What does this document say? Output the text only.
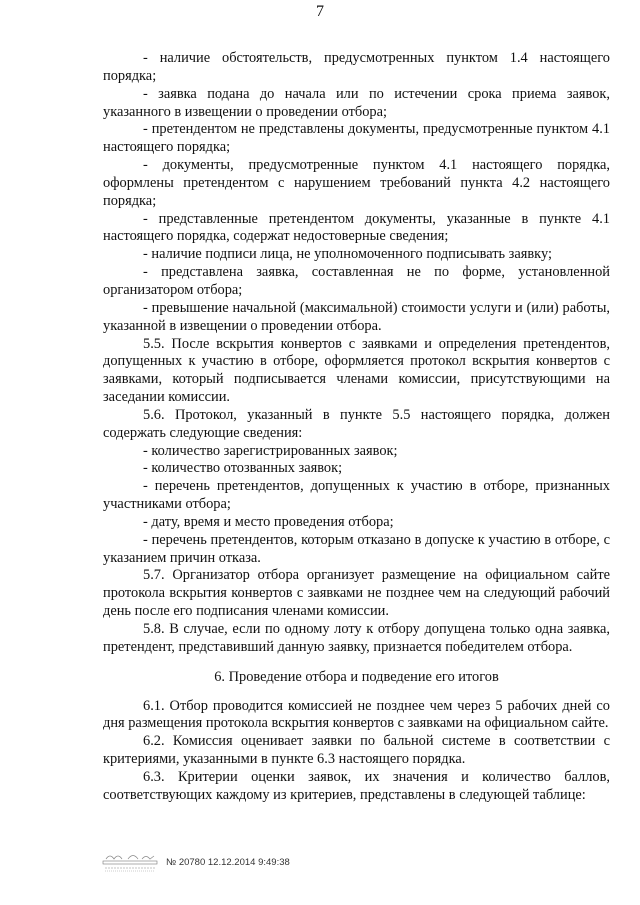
7

- наличие обстоятельств, предусмотренных пунктом 1.4 настоящего порядка;

- заявка подана до начала или по истечении срока приема заявок, указанного в извещении о проведении отбора;

- претендентом не представлены документы, предусмотренные пунктом 4.1 настоящего порядка;

- документы, предусмотренные пунктом 4.1 настоящего порядка, оформлены претендентом с нарушением требований пункта 4.2 настоящего порядка;

- представленные претендентом документы, указанные в пункте 4.1 настоящего порядка, содержат недостоверные сведения;

- наличие подписи лица, не уполномоченного подписывать заявку;

- представлена заявка, составленная не по форме, установленной организатором отбора;

- превышение начальной (максимальной) стоимости услуги и (или) работы, указанной в извещении о проведении отбора.

5.5. После вскрытия конвертов с заявками и определения претендентов, допущенных к участию в отборе, оформляется протокол вскрытия конвертов с заявками, который подписывается членами комиссии, присутствующими на заседании комиссии.

5.6. Протокол, указанный в пункте 5.5 настоящего порядка, должен содержать следующие сведения:

- количество зарегистрированных заявок;

- количество отозванных заявок;

- перечень претендентов, допущенных к участию в отборе, признанных участниками отбора;

- дату, время и место проведения отбора;

- перечень претендентов, которым отказано в допуске к участию в отборе, с указанием причин отказа.

5.7. Организатор отбора организует размещение на официальном сайте протокола вскрытия конвертов с заявками не позднее чем на следующий рабочий день после его подписания членами комиссии.

5.8. В случае, если по одному лоту к отбору допущена только одна заявка, претендент, представивший данную заявку, признается победителем отбора.

6. Проведение отбора и подведение его итогов

6.1. Отбор проводится комиссией не позднее чем через 5 рабочих дней со дня размещения протокола вскрытия конвертов с заявками на официальном сайте.

6.2. Комиссия оценивает заявки по бальной системе в соответствии с критериями, указанными в пункте 6.3 настоящего порядка.

6.3. Критерии оценки заявок, их значения и количество баллов, соответствующих каждому из критериев, представлены в следующей таблице:

№ 20780 12.12.2014 9:49:38
